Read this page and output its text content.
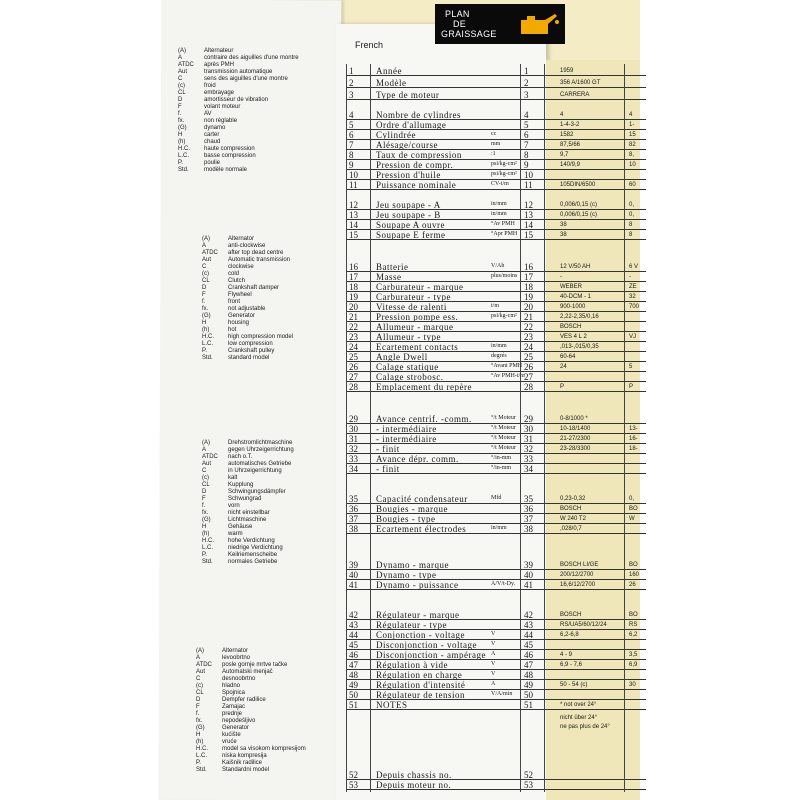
PLAN
DE
GRAISSAGE
French
(A)	Alternateur
A	contraire des aiguilles d'une montre
ATDC	après PMH
Aut	transmission automatique
C	sens des aiguilles d'une montre
(c)	froid
CL	embrayage
D	amortisseur de vibration
F	volant moteur
f.	AV
fx.	non réglable
(G)	dynamo
H	carter
(h)	chaud
H.C.	haute compression
L.C.	basse compression
P.	poulie
Std.	modèle normale
(A)	Alternator
A	anti-clockwise
ATDC	after top dead centre
Aut	Automatic transmission
C	clockwise
(c)	cold
CL	Clutch
D	Crankshaft damper
F	Flywheel
f.	front
fx.	not adjustable
(G)	Generator
H	housing
(h)	hot
H.C.	high compression model
L.C.	low compression
P.	Crankshaft pulley
Std.	standard model
(A)	Drehstromlichtmaschine
A	gegen Uhrzeigerrichtung
ATDC	nach o.T.
Aut	automatisches Getriebe
C	in Uhrzeigerrichtung
(c)	kalt
CL	Kupplung
D	Schwingungsdämpfer
F	Schwungrad
f.	vorn
fx.	nicht einstellbar
(G)	Lichtmaschine
H	Gehäuse
(h)	warm
H.C.	hohe Verdichtung
L.C.	niedrige Verdichtung
P.	Keilriemenscheibe
Std.	normales Getriebe
(A)	Alternator
A	levoobrtno
ATDC	posle gornje mrtve tačke
Aut	Automatski menjač
C	desnoobrtno
(c)	hladno
CL	Spojnica
D	Dempfer radilice
F	Zamajac
f.	prednje
fx.	nepodešljivo
(G)	Generator
H	kućište
(h)	vruće
H.C.	model sa visokom kompresijom
L.C.	niska kompresija
P.	Kaišnik radilice
Std.	Standardni model
1	Année	1	1959
2	Modèle	2	356 A/1600 GT
3	Type de moteur	3	CARRERA
4	Nombre de cylindres	4	4	4
5	Ordre d'allumage	5	1-4-3-2	1-
6	Cylindrée	cc	6	1582	15
7	Alésage/course	mm	7	87,5/66	82
8	Taux de compression	:1	8	9,7	8,
9	Pression de compr.	psi/kg-cm² 9	140/9,9	10
10	Pression d'huile	psi/kg-cm² 10
11	Puissance nominale	CV-t/m 11	105DIN/6500	60
12	Jeu soupape - A	in/mm 12	0,006/0,15 (c)	0,
13	Jeu soupape - B	in/mm 13	0,006/0,15 (c)	0,
14	Soupape A ouvre	°Av PMH 14	38	8
15	Soupape E ferme	°Apr PMH 15	38	8
16	Batterie	V/Ah 16	12 V/50 AH	6 V
17	Masse	plus/moins 17	-	-
18	Carburateur - marque	18	WEBER	ZE
19	Carburateur - type	19	40-DCM - 1	32
20	Vitesse de ralenti	t/m	20	900-1000	700
21	Pression pompe ess.	psi/kg-cm² 21	2,22-2,35/0,16
22	Allumeur - marque	22	BOSCH
23	Allumeur - type	23	VES 4 L 2	VJ
24	Ecartement contacts	in/mm 24	,013-,015/0,35
25	Angle Dwell	degrés 25	60-64
26	Calage statique	°Avant PMH 26	24	5
27	Calage strobosc.	°Av PMH-t/m 27
28	Emplacement du repère	28	P	P
29	Avance centrif. -comm.	°/t Moteur 29	0-8/1000 *
30	- intermédiaire	°/t Moteur 30	10-18/1400	13-
31	- intermédiaire	°/t Moteur 31	21-27/2300	16-
32	- finit	°/t Moteur 32	23-28/3300	18-
33	Avance dépr. comm.	°/in-mm 33
34	- finit	°/in-mm 34
35	Capacité condensateur	Mfd	35	0,23-0,32	0,
36	Bougies - marque	36	BOSCH	BO
37	Bougies - type	37	W 240 T2	W
38	Ecartement électrodes	in/mm 38	,028/0,7
39	Dynamo - marque	39	BOSCH LI/GE	BO
40	Dynamo - type	40	200/12/2700	160
41	Dynamo - puissance	A/V/t-Dy. 41	16,6/12/2700	26
42	Régulateur - marque	42	BOSCH	BO
43	Régulateur - type	43	RS/UA5/60/12/24	RS
44	Conjonction - voltage	V	44	6,2-6,8	6,2
45	Disconjonction - voltage V	45
46	Disconjonction - ampérage A	46	4 - 9	3,5
47	Régulation à vide	V	47	6,9 - 7,6	6,9
48	Régulation en charge	V	48
49	Régulation d'intensité	A	49	50 - 54 (c)	30
50	Régulateur de tension	V/A/min 50
51	NOTES	51	* not over 24°
52	Depuis chassis no.	52
53	Depuis moteur no.	53
nicht über 24°
ne pas plus de 24°
